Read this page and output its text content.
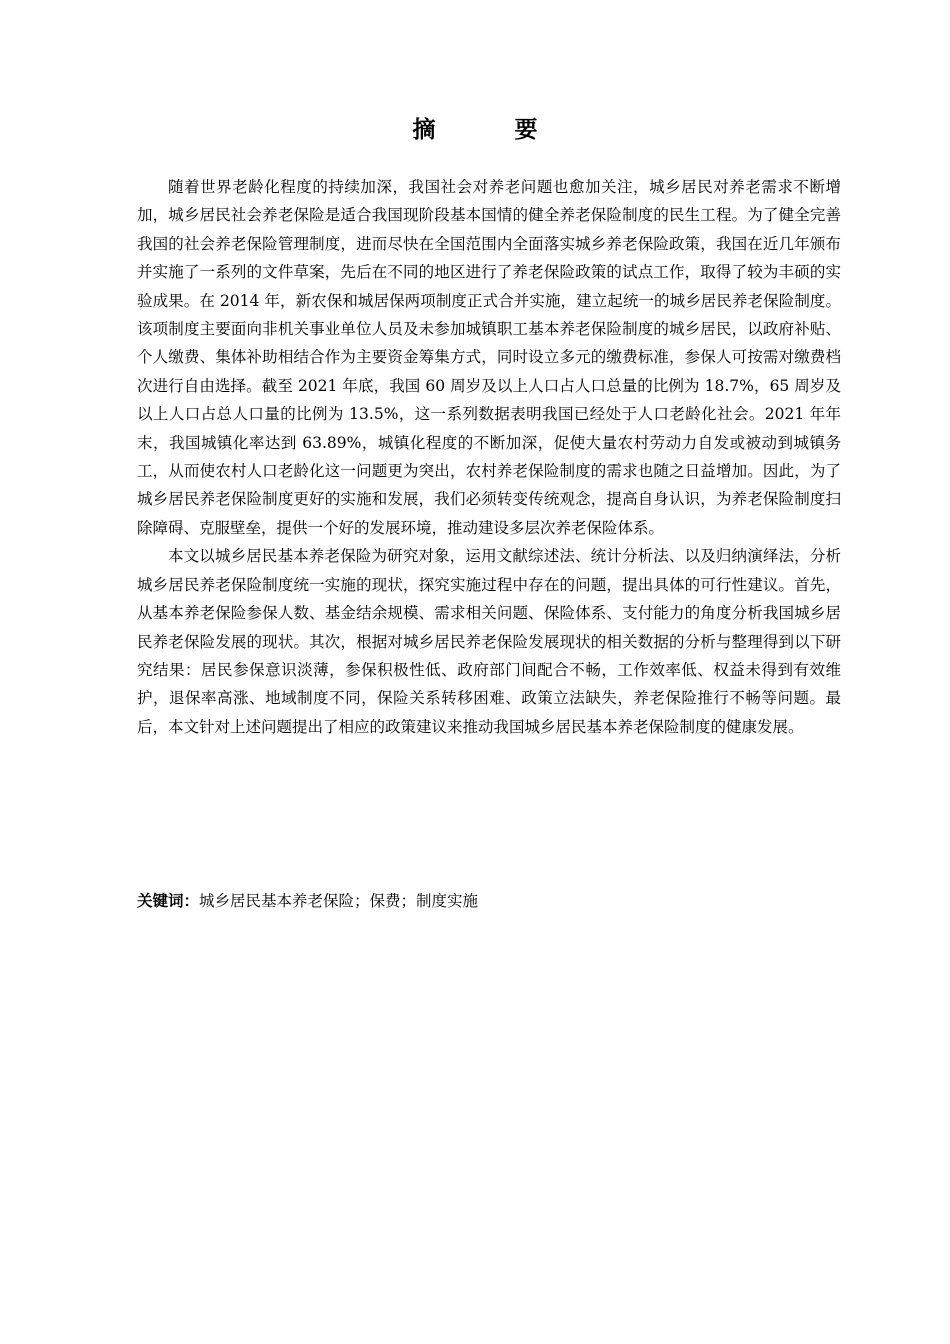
摘　要

随着世界老龄化程度的持续加深，我国社会对养老问题也愈加关注，城乡居民对养老需求不断增加，城乡居民社会养老保险是适合我国现阶段基本国情的健全养老保险制度的民生工程。为了健全完善我国的社会养老保险管理制度，进而尽快在全国范围内全面落实城乡养老保险政策，我国在近几年颁布并实施了一系列的文件草案，先后在不同的地区进行了养老保险政策的试点工作，取得了较为丰硕的实验成果。在 2014 年，新农保和城居保两项制度正式合并实施，建立起统一的城乡居民养老保险制度。该项制度主要面向非机关事业单位人员及未参加城镇职工基本养老保险制度的城乡居民，以政府补贴、个人缴费、集体补助相结合作为主要资金筹集方式，同时设立多元的缴费标准，参保人可按需对缴费档次进行自由选择。截至 2021 年底，我国 60 周岁及以上人口占人口总量的比例为 18.7%，65 周岁及以上人口占总人口量的比例为 13.5%，这一系列数据表明我国已经处于人口老龄化社会。2021 年年末，我国城镇化率达到 63.89%，城镇化程度的不断加深，促使大量农村劳动力自发或被动到城镇务工，从而使农村人口老龄化这一问题更为突出，农村养老保险制度的需求也随之日益增加。因此，为了城乡居民养老保险制度更好的实施和发展，我们必须转变传统观念，提高自身认识，为养老保险制度扫除障碍、克服壁垒，提供一个好的发展环境，推动建设多层次养老保险体系。

本文以城乡居民基本养老保险为研究对象，运用文献综述法、统计分析法、以及归纳演绎法，分析城乡居民养老保险制度统一实施的现状，探究实施过程中存在的问题，提出具体的可行性建议。首先，从基本养老保险参保人数、基金结余规模、需求相关问题、保险体系、支付能力的角度分析我国城乡居民养老保险发展的现状。其次，根据对城乡居民养老保险发展现状的相关数据的分析与整理得到以下研究结果：居民参保意识淡薄，参保积极性低、政府部门间配合不畅，工作效率低、权益未得到有效维护，退保率高涨、地域制度不同，保险关系转移困难、政策立法缺失，养老保险推行不畅等问题。最后，本文针对上述问题提出了相应的政策建议来推动我国城乡居民基本养老保险制度的健康发展。

关键词：城乡居民基本养老保险；保费；制度实施
